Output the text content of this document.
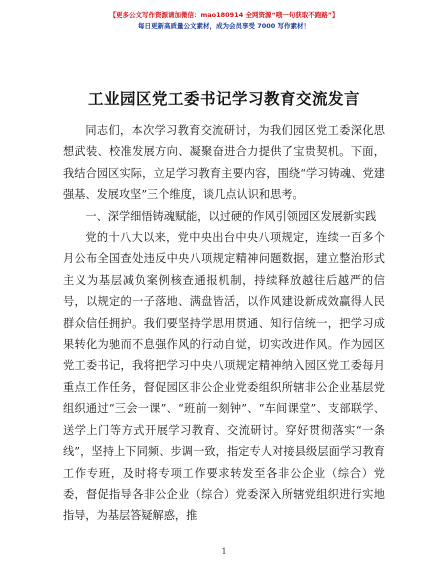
【更多公文写作资源请加微信：mao180914 全网资源“哦一句获取不跑路”】
每日更新高质量公文素材，成为会员享受 7000 写作素材！
工业园区党工委书记学习教育交流发言

同志们，本次学习教育交流研讨，为我们园区党工委深化思想武装、校准发展方向、凝聚奋进合力提供了宝贵契机。下面，我结合园区实际，立足学习教育主要内容，围绕“学习铸魂、党建强基、发展攻坚”三个维度，谈几点认识和思考。

一、深学细悟铸魂赋能，以过硬的作风引领园区发展新实践

党的十八大以来，党中央出台中央八项规定，连续一百多个月公布全国查处违反中央八项规定精神问题数据，建立整治形式主义为基层减负案例核查通报机制，持续释放越往后越严的信号，以规定的一子落地、满盘皆活，以作风建设新成效赢得人民群众信任拥护。我们要坚持学思用贯通、知行信统一，把学习成果转化为驰而不息强作风的行动自觉，切实改进作风。作为园区党工委书记，我将把学习中央八项规定精神纳入园区党工委每月重点工作任务，督促园区非公企业党委组织所辖非公企业基层党组织通过“三会一课”、“班前一刻钟”、“车间课堂”、支部联学、送学上门等方式开展学习教育、交流研讨。穿好贯彻落实“一条线”，坚持上下同频、步调一致，指定专人对接县级层面学习教育工作专班，及时将专项工作要求转发至各非公企业（综合）党委，督促指导各非公企业（综合）党委深入所辖党组织进行实地指导，为基层答疑解惑，推

1
